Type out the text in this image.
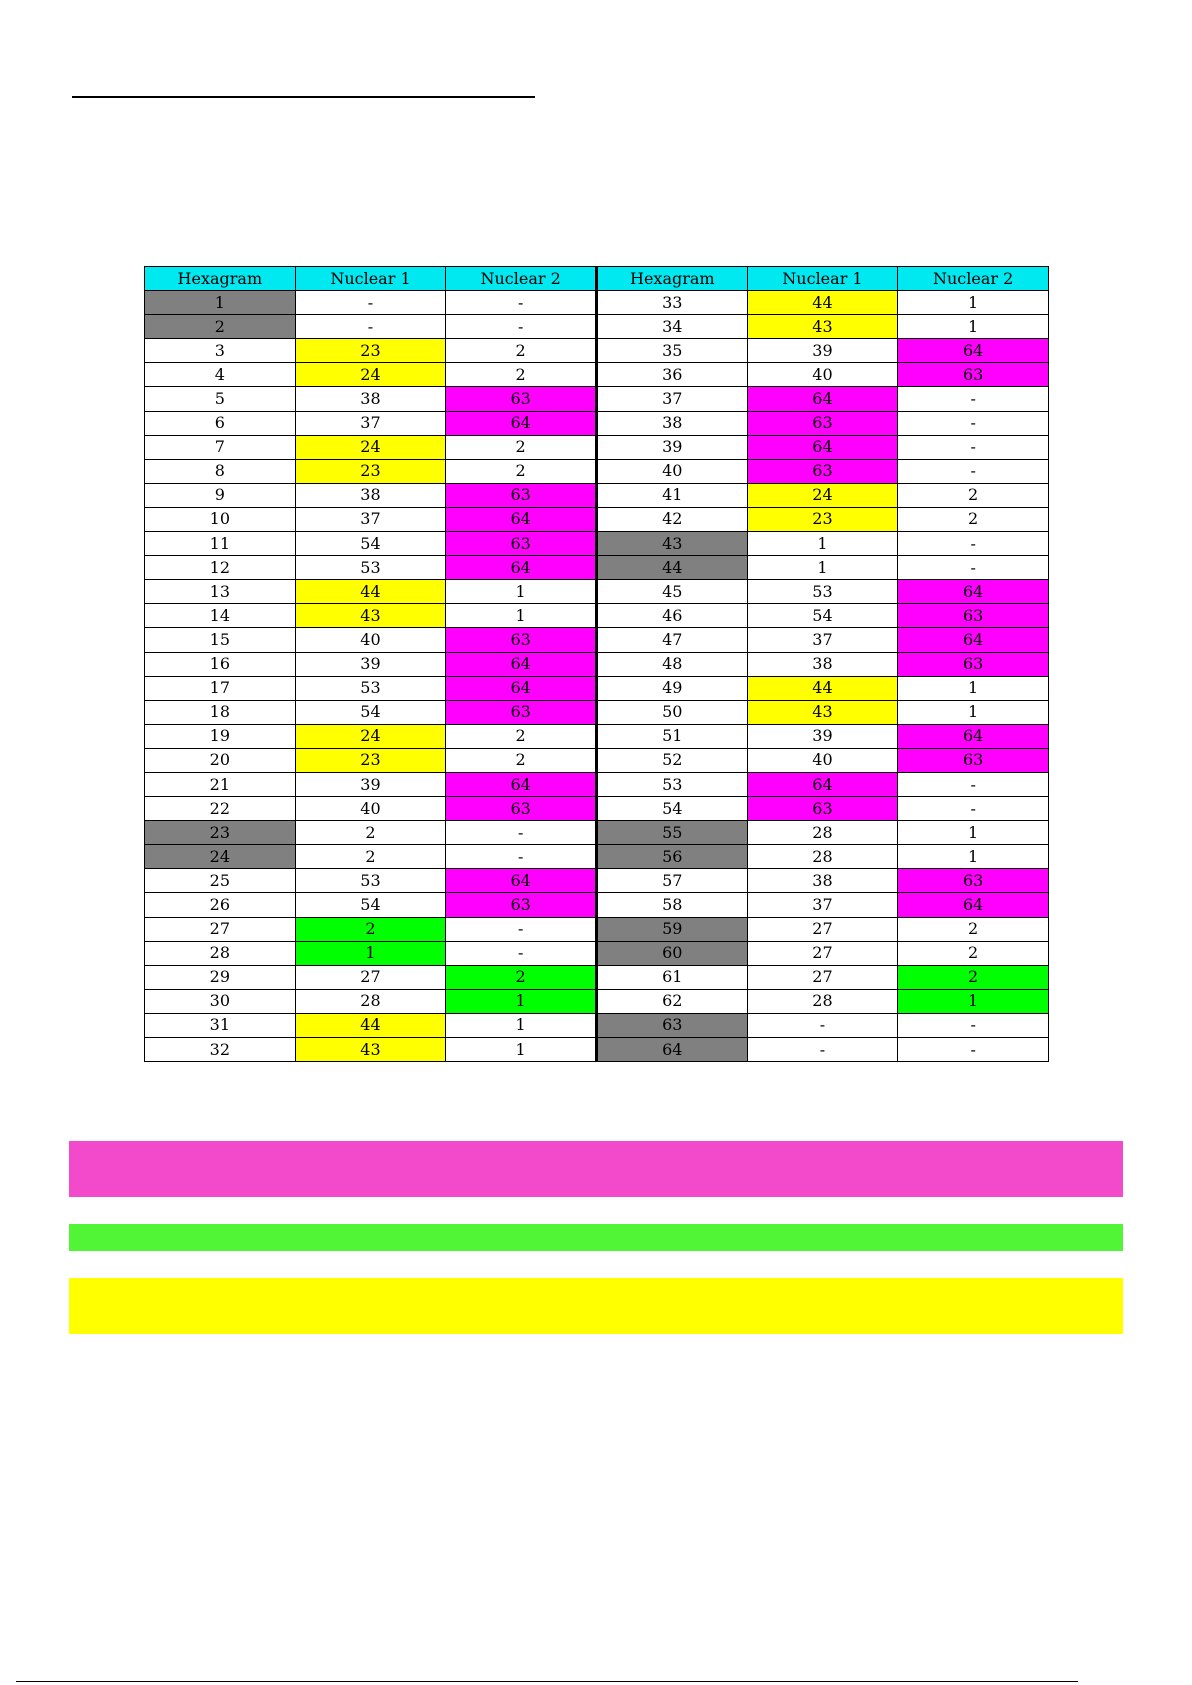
Hexagram	Nuclear 1	Nuclear 2	Hexagram	Nuclear 1	Nuclear 2
1	-	-	33	44	1
2	-	-	34	43	1
3	23	2	35	39	64
4	24	2	36	40	63
5	38	63	37	64	-
6	37	64	38	63	-
7	24	2	39	64	-
8	23	2	40	63	-
9	38	63	41	24	2
10	37	64	42	23	2
11	54	63	43	1	-
12	53	64	44	1	-
13	44	1	45	53	64
14	43	1	46	54	63
15	40	63	47	37	64
16	39	64	48	38	63
17	53	64	49	44	1
18	54	63	50	43	1
19	24	2	51	39	64
20	23	2	52	40	63
21	39	64	53	64	-
22	40	63	54	63	-
23	2	-	55	28	1
24	2	-	56	28	1
25	53	64	57	38	63
26	54	63	58	37	64
27	2	-	59	27	2
28	1	-	60	27	2
29	27	2	61	27	2
30	28	1	62	28	1
31	44	1	63	-	-
32	43	1	64	-	-
